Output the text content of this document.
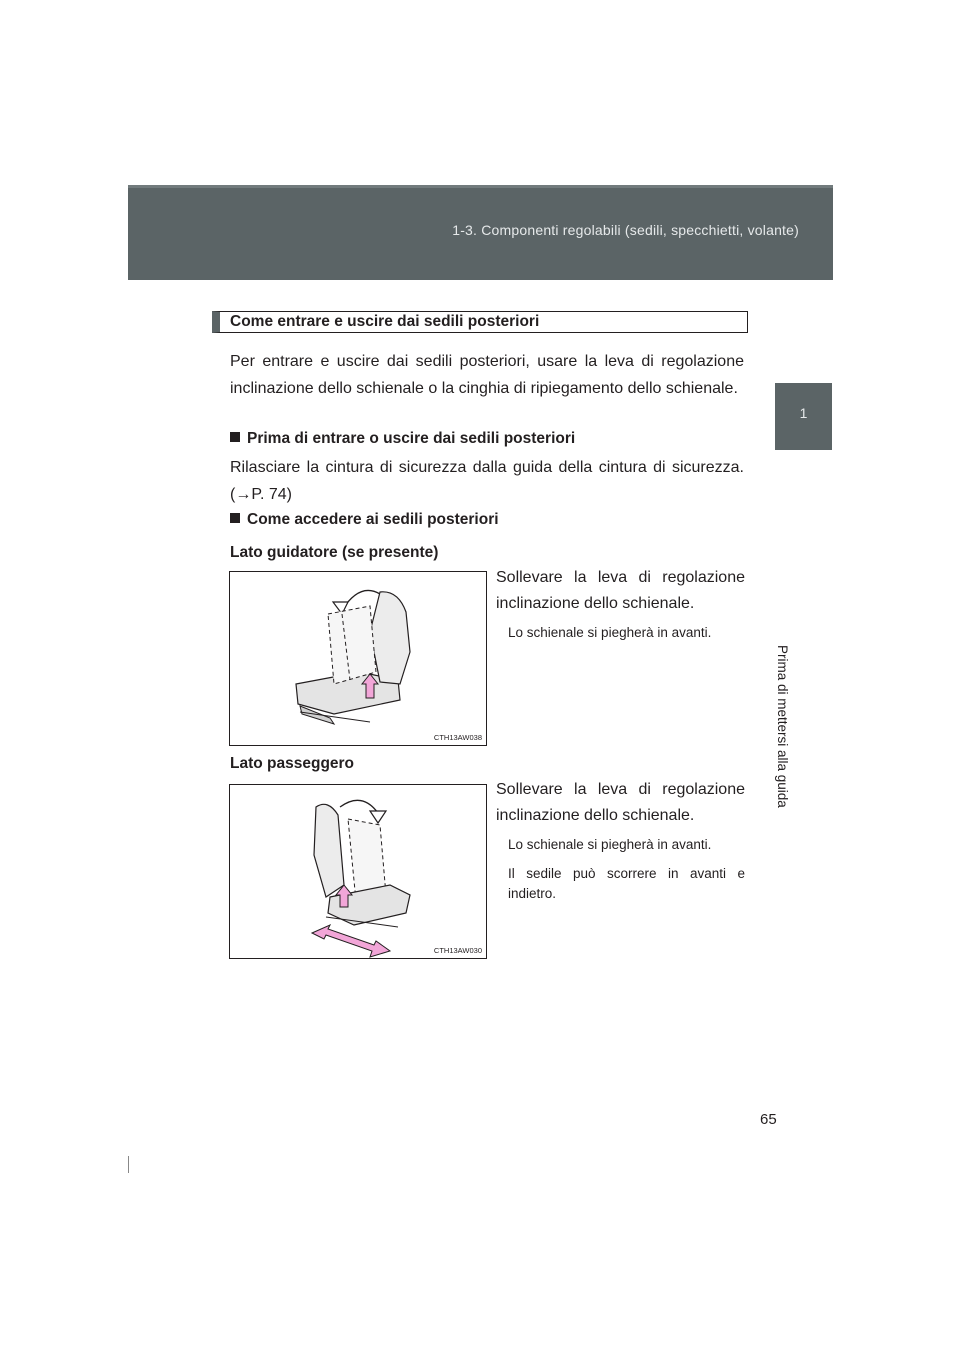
1-3. Componenti regolabili (sedili, specchietti, volante)
1
Prima di mettersi alla guida
Come entrare e uscire dai sedili posteriori
Per entrare e uscire dai sedili posteriori, usare la leva di regolazione inclinazione dello schienale o la cinghia di ripiegamento dello schienale.
Prima di entrare o uscire dai sedili posteriori
Rilasciare la cintura di sicurezza dalla guida della cintura di sicurezza. (→P. 74)
Come accedere ai sedili posteriori
Lato guidatore (se presente)
CTH13AW038
Sollevare la leva di regolazione inclinazione dello schienale.
Lo schienale si piegherà in avanti.
Lato passeggero
CTH13AW030
Sollevare la leva di regolazione inclinazione dello schienale.
Lo schienale si piegherà in avanti.
Il sedile può scorrere in avanti e indietro.
65
